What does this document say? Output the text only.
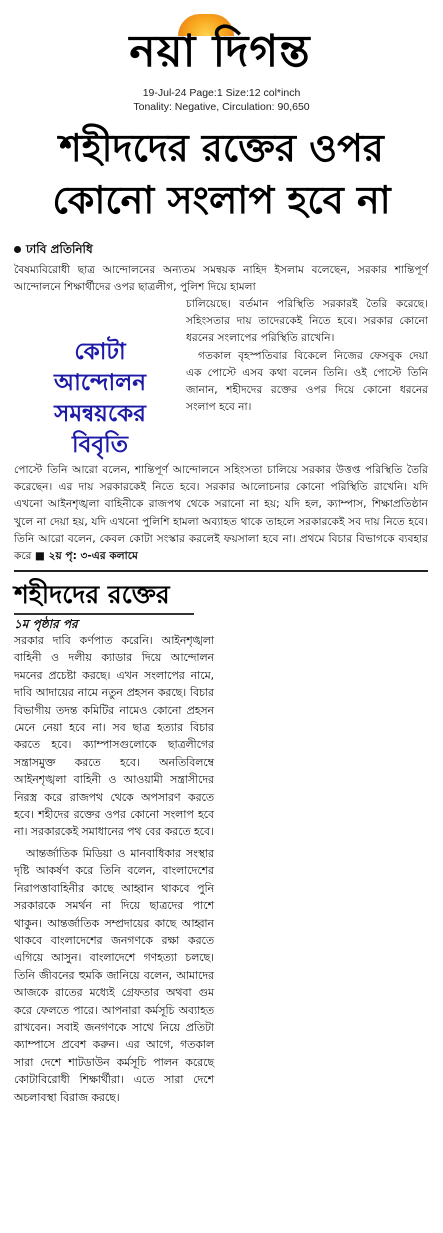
নয়া দিগন্ত
19-Jul-24 Page:1 Size:12 col*inch
Tonality: Negative, Circulation: 90,650
শহীদদের রক্তের ওপর
কোনো সংলাপ হবে না
ঢাবি প্রতিনিধি
বৈষম্যবিরোধী ছাত্র আন্দোলনের অন্যতম সমন্বয়ক নাহিদ ইসলাম বলেছেন, সরকার শান্তিপূর্ণ আন্দোলনে শিক্ষার্থীদের ওপর ছাত্রলীগ, পুলিশ দিয়ে হামলা
কোটা
আন্দোলন
সমন্বয়কের
বিবৃতি
চালিয়েছে। বর্তমান পরিস্থিতি সরকারই তৈরি করেছে। সহিংসতার দায় তাদেরকেই নিতে হবে। সরকার কোনো ধরনের সংলাপের পরিস্থিতি রাখেনি।
গতকাল বৃহস্পতিবার বিকেলে নিজের ফেসবুক দেয়া এক পোস্টে এসব কথা বলেন তিনি। ওই পোস্টে তিনি জানান, শহীদদের রক্তের ওপর দিয়ে কোনো ধরনের সংলাপ হবে না।
পোস্টে তিনি আরো বলেন, শান্তিপূর্ণ আন্দোলনে সহিংসতা চালিয়ে সরকার উত্তপ্ত পরিস্থিতি তৈরি করেছেন। এর দায় সরকারকেই নিতে হবে। সরকার আলোচনার কোনো পরিস্থিতি রাখেনি। যদি এখনো আইনশৃঙ্খলা বাহিনীকে রাজপথ থেকে সরানো না হয়; যদি হল, ক্যাম্পাস, শিক্ষাপ্রতিষ্ঠান খুলে না দেয়া হয়, যদি এখনো পুলিশি হামলা অব্যাহত থাকে তাহলে সরকারকেই সব দায় নিতে হবে। তিনি আরো বলেন, কেবল কোটা সংস্কার করলেই ফয়সালা হবে না। প্রথমে বিচার বিভাগকে ব্যবহার করে ■ ২য় পৃ: ৩-এর কলামে
শহীদদের রক্তের
১ম পৃষ্ঠার পর

সরকার দাবি কর্ণপাত করেনি। আইনশৃঙ্খলা বাহিনী ও দলীয় ক্যাডার দিয়ে আন্দোলন দমনের প্রচেষ্টা করছে। এখন সংলাপের নামে, দাবি আদায়ের নামে নতুন প্রহসন করছে। বিচার বিভাগীয় তদন্ত কমিটির নামেও কোনো প্রহসন মেনে নেয়া হবে না। সব ছাত্র হত্যার বিচার করতে হবে। ক্যাম্পাসগুলোকে ছাত্রলীগের সন্ত্রাসমুক্ত করতে হবে। অনতিবিলম্বে আইনশৃঙ্খলা বাহিনী ও আওয়ামী সন্ত্রাসীদের নিরস্ত্র করে রাজপথ থেকে অপসারণ করতে হবে। শহীদের রক্তের ওপর কোনো সংলাপ হবে না। সরকারকেই সমাধানের পথ বের করতে হবে।

আন্তর্জাতিক মিডিয়া ও মানবাধিকার সংস্থার দৃষ্টি আকর্ষণ করে তিনি বলেন, বাংলাদেশের নিরাপত্তাবাহিনীর কাছে আহ্বান থাকবে পুনি সরকারকে সমর্থন না দিয়ে ছাত্রদের পাশে থাকুন। আন্তর্জাতিক সম্প্রদায়ের কাছে আহ্বান থাকবে বাংলাদেশের জনগণকে রক্ষা করতে এগিয়ে আসুন। বাংলাদেশে গণহত্যা চলছে। তিনি জীবনের হুমকি জানিয়ে বলেন, আমাদের আজকে রাতের মধ্যেই গ্রেফতার অথবা গুম করে ফেলতে পারে। আপনারা কর্মসূচি অব্যাহত রাখবেন। সবাই জনগণকে সাথে নিয়ে প্রতিটা ক্যাম্পাসে প্রবেশ করুন। এর আগে, গতকাল সারা দেশে শাটডাউন কর্মসূচি পালন করেছে কোটাবিরোধী শিক্ষার্থীরা। এতে সারা দেশে অচলাবস্থা বিরাজ করছে।
